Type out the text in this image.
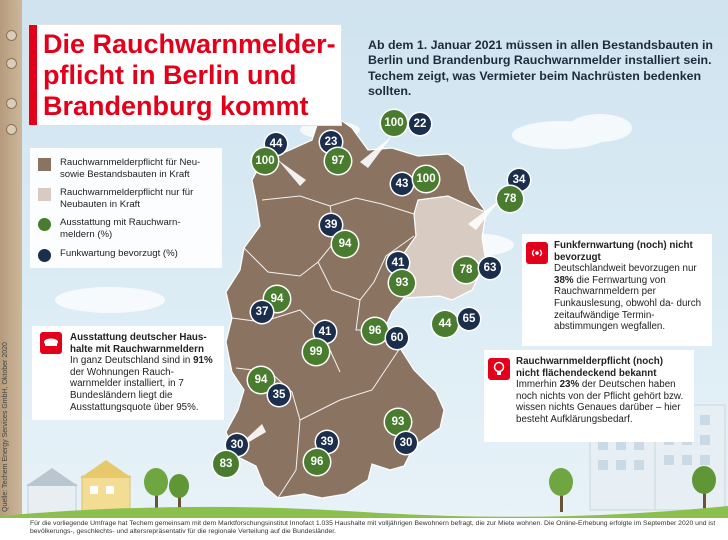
44
100
23
97
100 22
43 100	34
78
39
94
78 63
41
93
94
37
41
99
96
60
44 65
94
35
30
83
39
96
93
30
Die Rauchwarnmelder-pflicht in Berlin und Brandenburg kommt
Ab dem 1. Januar 2021 müssen in allen Bestandsbauten in Berlin und Brandenburg Rauchwarnmelder installiert sein. Techem zeigt, was Vermieter beim Nachrüsten bedenken sollten.
Rauchwarnmelderpflicht für Neu- sowie Bestandsbauten in Kraft
Rauchwarnmelderpflicht nur für Neubauten in Kraft
Ausstattung mit Rauchwarn- meldern (%)
Funkwartung bevorzugt (%)
Ausstattung deutscher Haus- halte mit Rauchwarnmeldern
In ganz Deutschland sind in 91% der Wohnungen Rauch- warnmelder installiert, in 7 Bundesländern liegt die Ausstattungsquote über 95%.
Funkfernwartung (noch) nicht bevorzugt
Deutschlandweit bevorzugen nur 38% die Fernwartung von Rauchwarnmeldern per Funkauslesung, obwohl da- durch zeitaufwändige Termin- abstimmungen wegfallen.
Rauchwarnmelderpflicht (noch) nicht flächendeckend bekannt
Immerhin 23% der Deutschen haben noch nichts von der Pflicht gehört bzw. wissen nichts Genaues darüber – hier besteht Aufklärungsbedarf.
Quelle: Techem Energy Services GmbH, Oktober 2020
Für die vorliegende Umfrage hat Techem gemeinsam mit dem Marktforschungsinstitut Innofact 1.035 Haushalte mit volljährigen Bewohnern befragt, die zur Miete wohnen. Die Online-Erhebung erfolgte im September 2020 und ist bevölkerungs-, geschlechts- und altersrepräsentativ für die regionale Verteilung auf die Bundesländer.
